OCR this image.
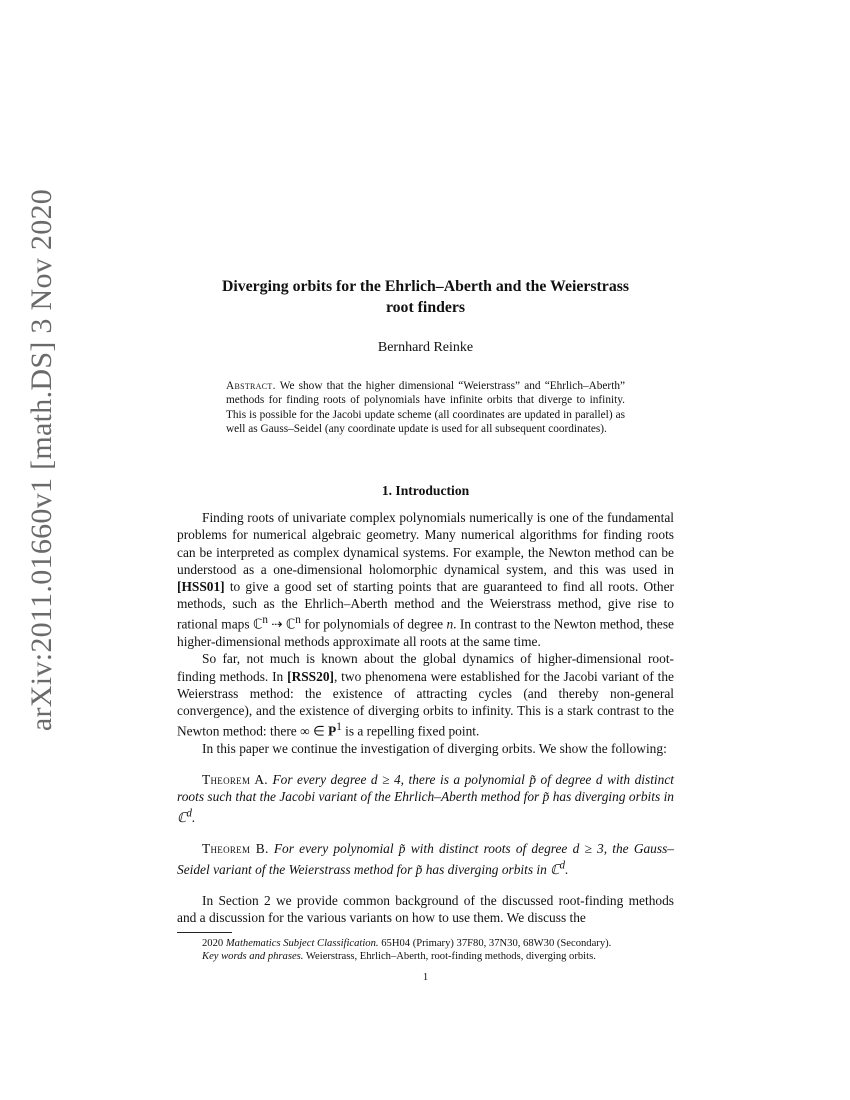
arXiv:2011.01660v1 [math.DS] 3 Nov 2020	Diverging orbits for the Ehrlich–Aberth and the Weierstrass
root finders

Bernhard Reinke

Abstract. We show that the higher dimensional “Weierstrass” and “Ehrlich–Aberth” methods for finding roots of polynomials have infinite orbits that diverge to infinity. This is possible for the Jacobi update scheme (all coordinates are updated in parallel) as well as Gauss–Seidel (any coordinate update is used for all subsequent coordinates).

1. Introduction

Finding roots of univariate complex polynomials numerically is one of the fundamental problems for numerical algebraic geometry. Many numerical algorithms for finding roots can be interpreted as complex dynamical systems. For example, the Newton method can be understood as a one-dimensional holomorphic dynamical system, and this was used in [HSS01] to give a good set of starting points that are guaranteed to find all roots. Other methods, such as the Ehrlich–Aberth method and the Weierstrass method, give rise to rational maps ℂ$^n$ ⇢ ℂ$^n$ for polynomials of degree n. In contrast to the Newton method, these higher-dimensional methods approximate all roots at the same time.

So far, not much is known about the global dynamics of higher-dimensional root-finding methods. In [RSS20], two phenomena were established for the Jacobi variant of the Weierstrass method: the existence of attracting cycles (and thereby non-general convergence), and the existence of diverging orbits to infinity. This is a stark contrast to the Newton method: there ∞ ∈ $P^1$ is a repelling fixed point.

In this paper we continue the investigation of diverging orbits. We show the following:

Theorem A. For every degree d ≥ 4, there is a polynomial p̃ of degree d with distinct roots such that the Jacobi variant of the Ehrlich–Aberth method for p̃ has diverging orbits in ℂ$^d$.

Theorem B. For every polynomial p̃ with distinct roots of degree d ≥ 3, the Gauss–Seidel variant of the Weierstrass method for p̃ has diverging orbits in ℂ$^d$.

In Section 2 we provide common background of the discussed root-finding methods and a discussion for the various variants on how to use them. We discuss the

2020 Mathematics Subject Classification. 65H04 (Primary) 37F80, 37N30, 68W30 (Secondary).

Key words and phrases. Weierstrass, Ehrlich–Aberth, root-finding methods, diverging orbits.

1
